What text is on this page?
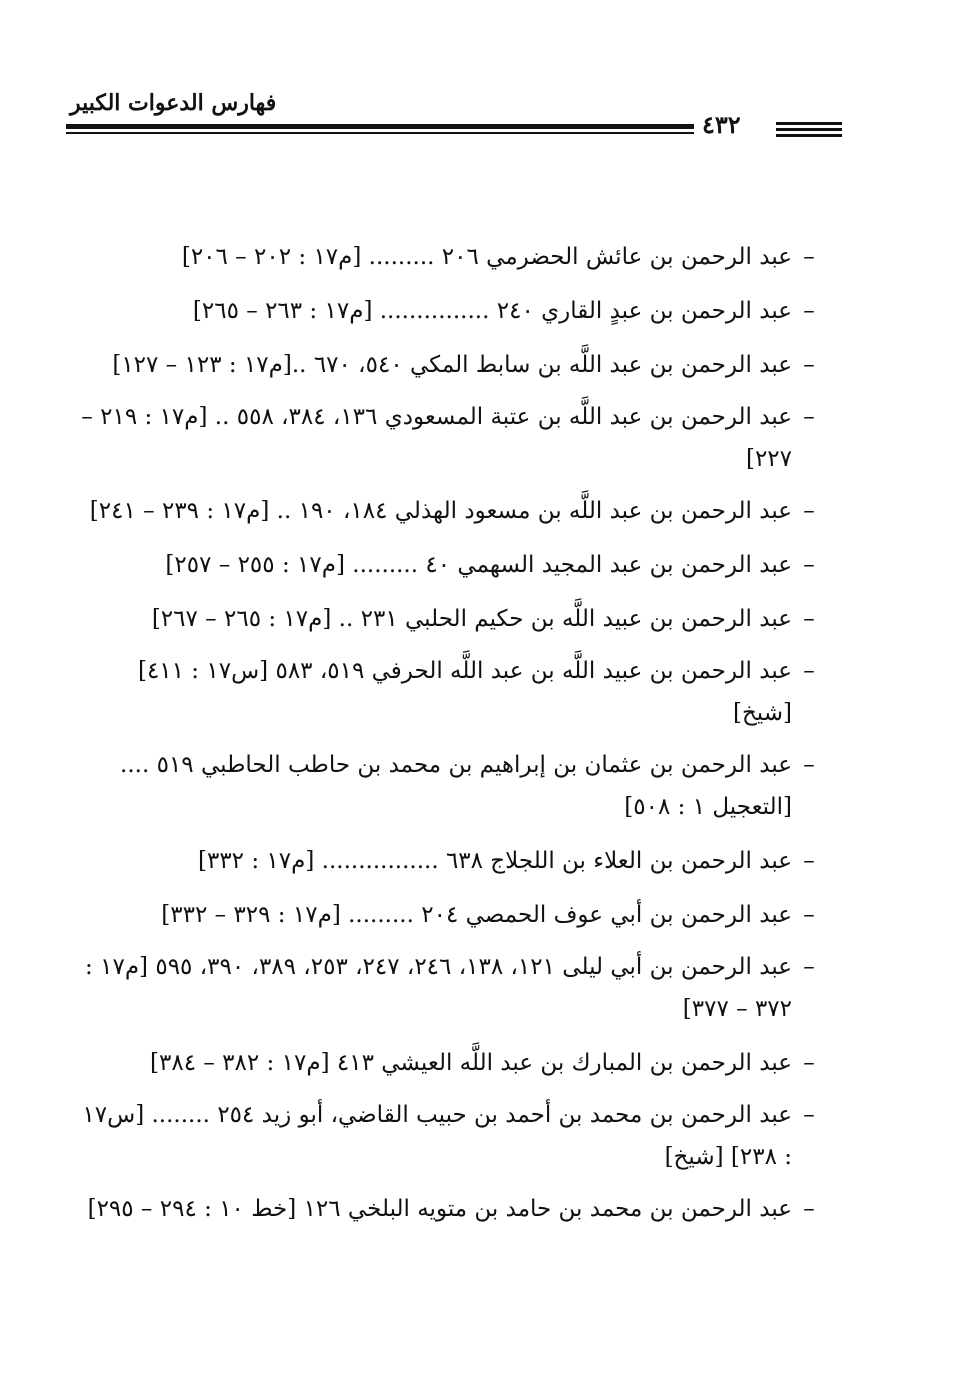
فهارس الدعوات الكبير
٤٣٢
–
عبد الرحمن بن عائش الحضرمي ٢٠٦ ......... [م١٧ : ٢٠٢ – ٢٠٦]
–
عبد الرحمن بن عبدٍ القاري ٢٤٠ ............... [م١٧ : ٢٦٣ – ٢٦٥]
–
عبد الرحمن بن عبد اللَّه بن سابط المكي ٥٤٠، ٦٧٠ ..[م١٧ : ١٢٣ – ١٢٧]
–
عبد الرحمن بن عبد اللَّه بن عتبة المسعودي ١٣٦، ٣٨٤، ٥٥٨ .. [م١٧ : ٢١٩ – ٢٢٧]
–
عبد الرحمن بن عبد اللَّه بن مسعود الهذلي ١٨٤، ١٩٠ .. [م١٧ : ٢٣٩ – ٢٤١]
–
عبد الرحمن بن عبد المجيد السهمي ٤٠ ......... [م١٧ : ٢٥٥ – ٢٥٧]
–
عبد الرحمن بن عبيد اللَّه بن حكيم الحلبي ٢٣١ .. [م١٧ : ٢٦٥ – ٢٦٧]
–
عبد الرحمن بن عبيد اللَّه بن عبد اللَّه الحرفي ٥١٩، ٥٨٣ [س١٧ : ٤١١] [شيخ]
–
عبد الرحمن بن عثمان بن إبراهيم بن محمد بن حاطب الحاطبي ٥١٩ .... [التعجيل ١ : ٥٠٨]
–
عبد الرحمن بن العلاء بن اللجلاج ٦٣٨ ................ [م١٧ : ٣٣٢]
–
عبد الرحمن بن أبي عوف الحمصي ٢٠٤ ......... [م١٧ : ٣٢٩ – ٣٣٢]
–
عبد الرحمن بن أبي ليلى ١٢١، ١٣٨، ٢٤٦، ٢٤٧، ٢٥٣، ٣٨٩، ٣٩٠، ٥٩٥ [م١٧ : ٣٧٢ – ٣٧٧]
–
عبد الرحمن بن المبارك بن عبد اللَّه العيشي ٤١٣ [م١٧ : ٣٨٢ – ٣٨٤]
–
عبد الرحمن بن محمد بن أحمد بن حبيب القاضي، أبو زيد ٢٥٤ ........ [س١٧ : ٢٣٨] [شيخ]
–
عبد الرحمن بن محمد بن حامد بن متويه البلخي ١٢٦ [خط ١٠ : ٢٩٤ – ٢٩٥]
